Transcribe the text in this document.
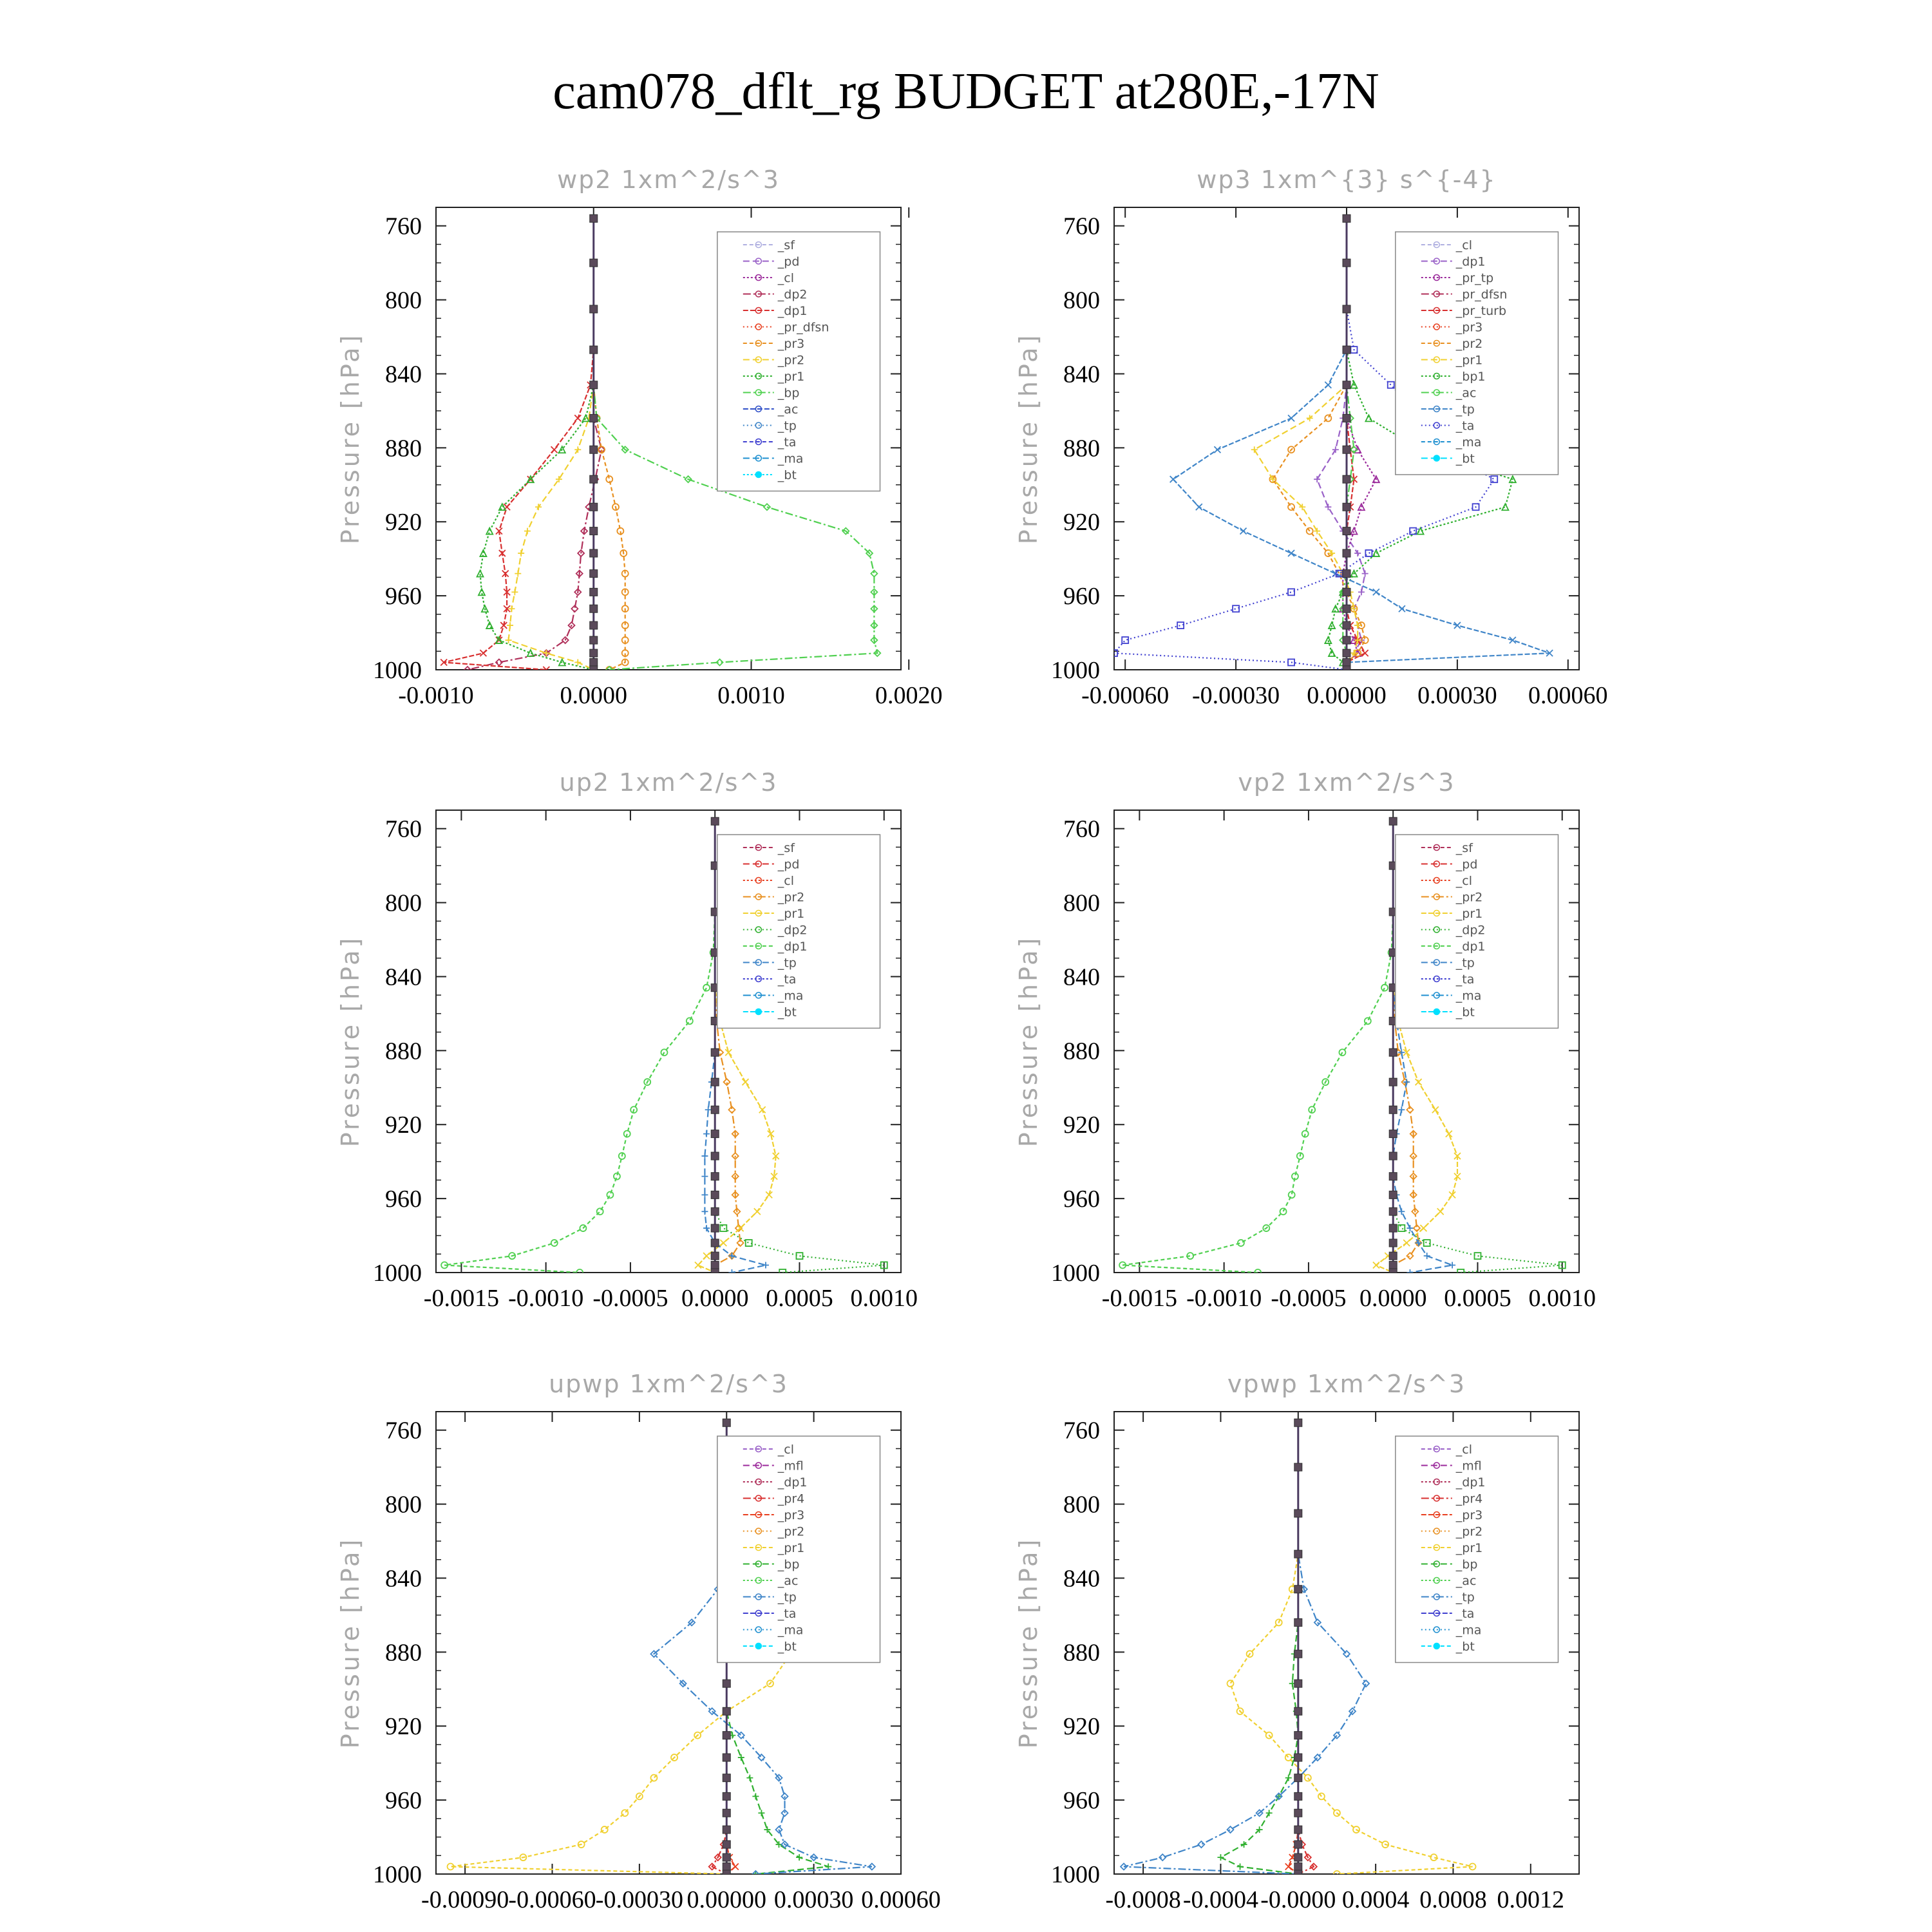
cam078_dflt_rg BUDGET at280E,-17N
wp2 1xm^2/s^3
760
800
840
880
920
960
1000
-0.0010	0.0000	0.0010	0.0020
Pressure [hPa]
_sf
_pd
_cl
_dp2
_dp1
_pr_dfsn
_pr3
_pr2
_pr1
_bp
_ac
_tp
_ta
_ma
_bt
wp3 1xm^{3} s^{-4}
760
800
840
880
920
960
1000
-0.00060 -0.00030 0.00000 0.00030 0.00060
Pressure [hPa]
_cl
_dp1
_pr_tp
_pr_dfsn
_pr_turb
_pr3
_pr2
_pr1
_bp1
_ac
_tp
_ta
_ma
_bt
up2 1xm^2/s^3
760
800
840
880
920
960
1000
-0.0015 -0.0010 -0.0005 0.0000 0.0005 0.0010
Pressure [hPa]
_sf
_pd
_cl
_pr2
_pr1
_dp2
_dp1
_tp
_ta
_ma
_bt
vp2 1xm^2/s^3
760
800
840
880
920
960
1000
-0.0015 -0.0010 -0.0005 0.0000 0.0005 0.0010
Pressure [hPa]
_sf
_pd
_cl
_pr2
_pr1
_dp2
_dp1
_tp
_ta
_ma
_bt
upwp 1xm^2/s^3
760
800
840
880
920
960
1000
-0.00090 -0.00060 -0.00030 0.00000 0.00030 0.00060
Pressure [hPa]
_cl
_mfl
_dp1
_pr4
_pr3
_pr2
_pr1
_bp
_ac
_tp
_ta
_ma
_bt
vpwp 1xm^2/s^3
760
800
840
880
920
960
1000
-0.0008 -0.0004 -0.0000 0.0004 0.0008 0.0012
Pressure [hPa]
_cl
_mfl
_dp1
_pr4
_pr3
_pr2
_pr1
_bp
_ac
_tp
_ta
_ma
_bt
